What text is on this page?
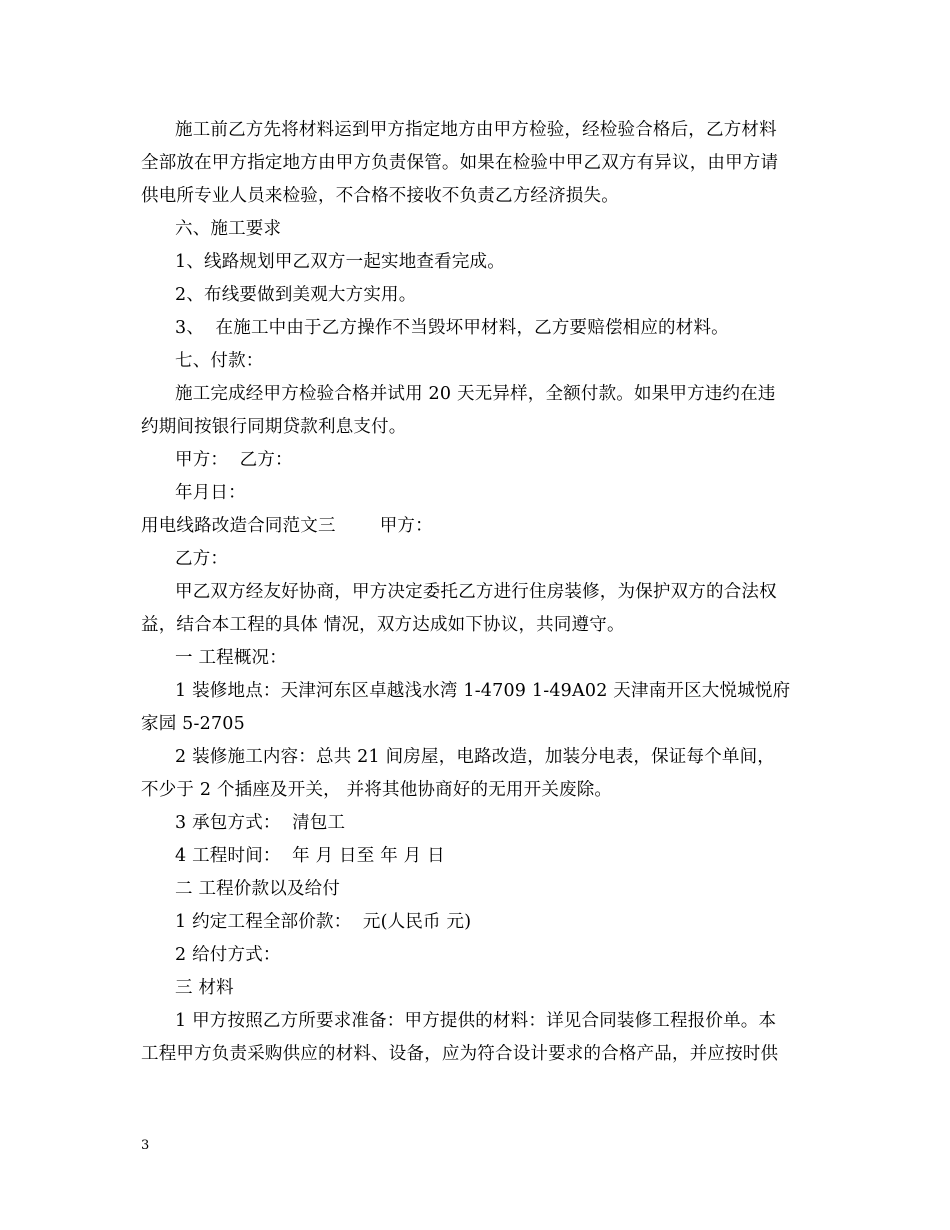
施工前乙方先将材料运到甲方指定地方由甲方检验，经检验合格后，乙方材料
全部放在甲方指定地方由甲方负责保管。如果在检验中甲乙双方有异议，由甲方请
供电所专业人员来检验，不合格不接收不负责乙方经济损失。

六、施工要求

1、线路规划甲乙双方一起实地查看完成。

2、布线要做到美观大方实用。

3、  在施工中由于乙方操作不当毁坏甲材料，乙方要赔偿相应的材料。

七、付款：

施工完成经甲方检验合格并试用 20 天无异样，全额付款。如果甲方违约在违
约期间按银行同期贷款利息支付。

甲方：  乙方：

年月日：

用电线路改造合同范文三	甲方：

乙方：

甲乙双方经友好协商，甲方决定委托乙方进行住房装修，为保护双方的合法权
益，结合本工程的具体 情况，双方达成如下协议，共同遵守。

一 工程概况：

1 装修地点：天津河东区卓越浅水湾 1-4709 1-49A02 天津南开区大悦城悦府
家园 5-2705

2 装修施工内容：总共 21 间房屋，电路改造，加装分电表，保证每个单间，
不少于 2 个插座及开关， 并将其他协商好的无用开关废除。

3 承包方式：  清包工

4 工程时间：  年 月 日至 年 月 日

二 工程价款以及给付

1 约定工程全部价款：  元(人民币 元)

2 给付方式：

三 材料

1 甲方按照乙方所要求准备：甲方提供的材料：详见合同装修工程报价单。本
工程甲方负责采购供应的材料、设备，应为符合设计要求的合格产品，并应按时供

3
